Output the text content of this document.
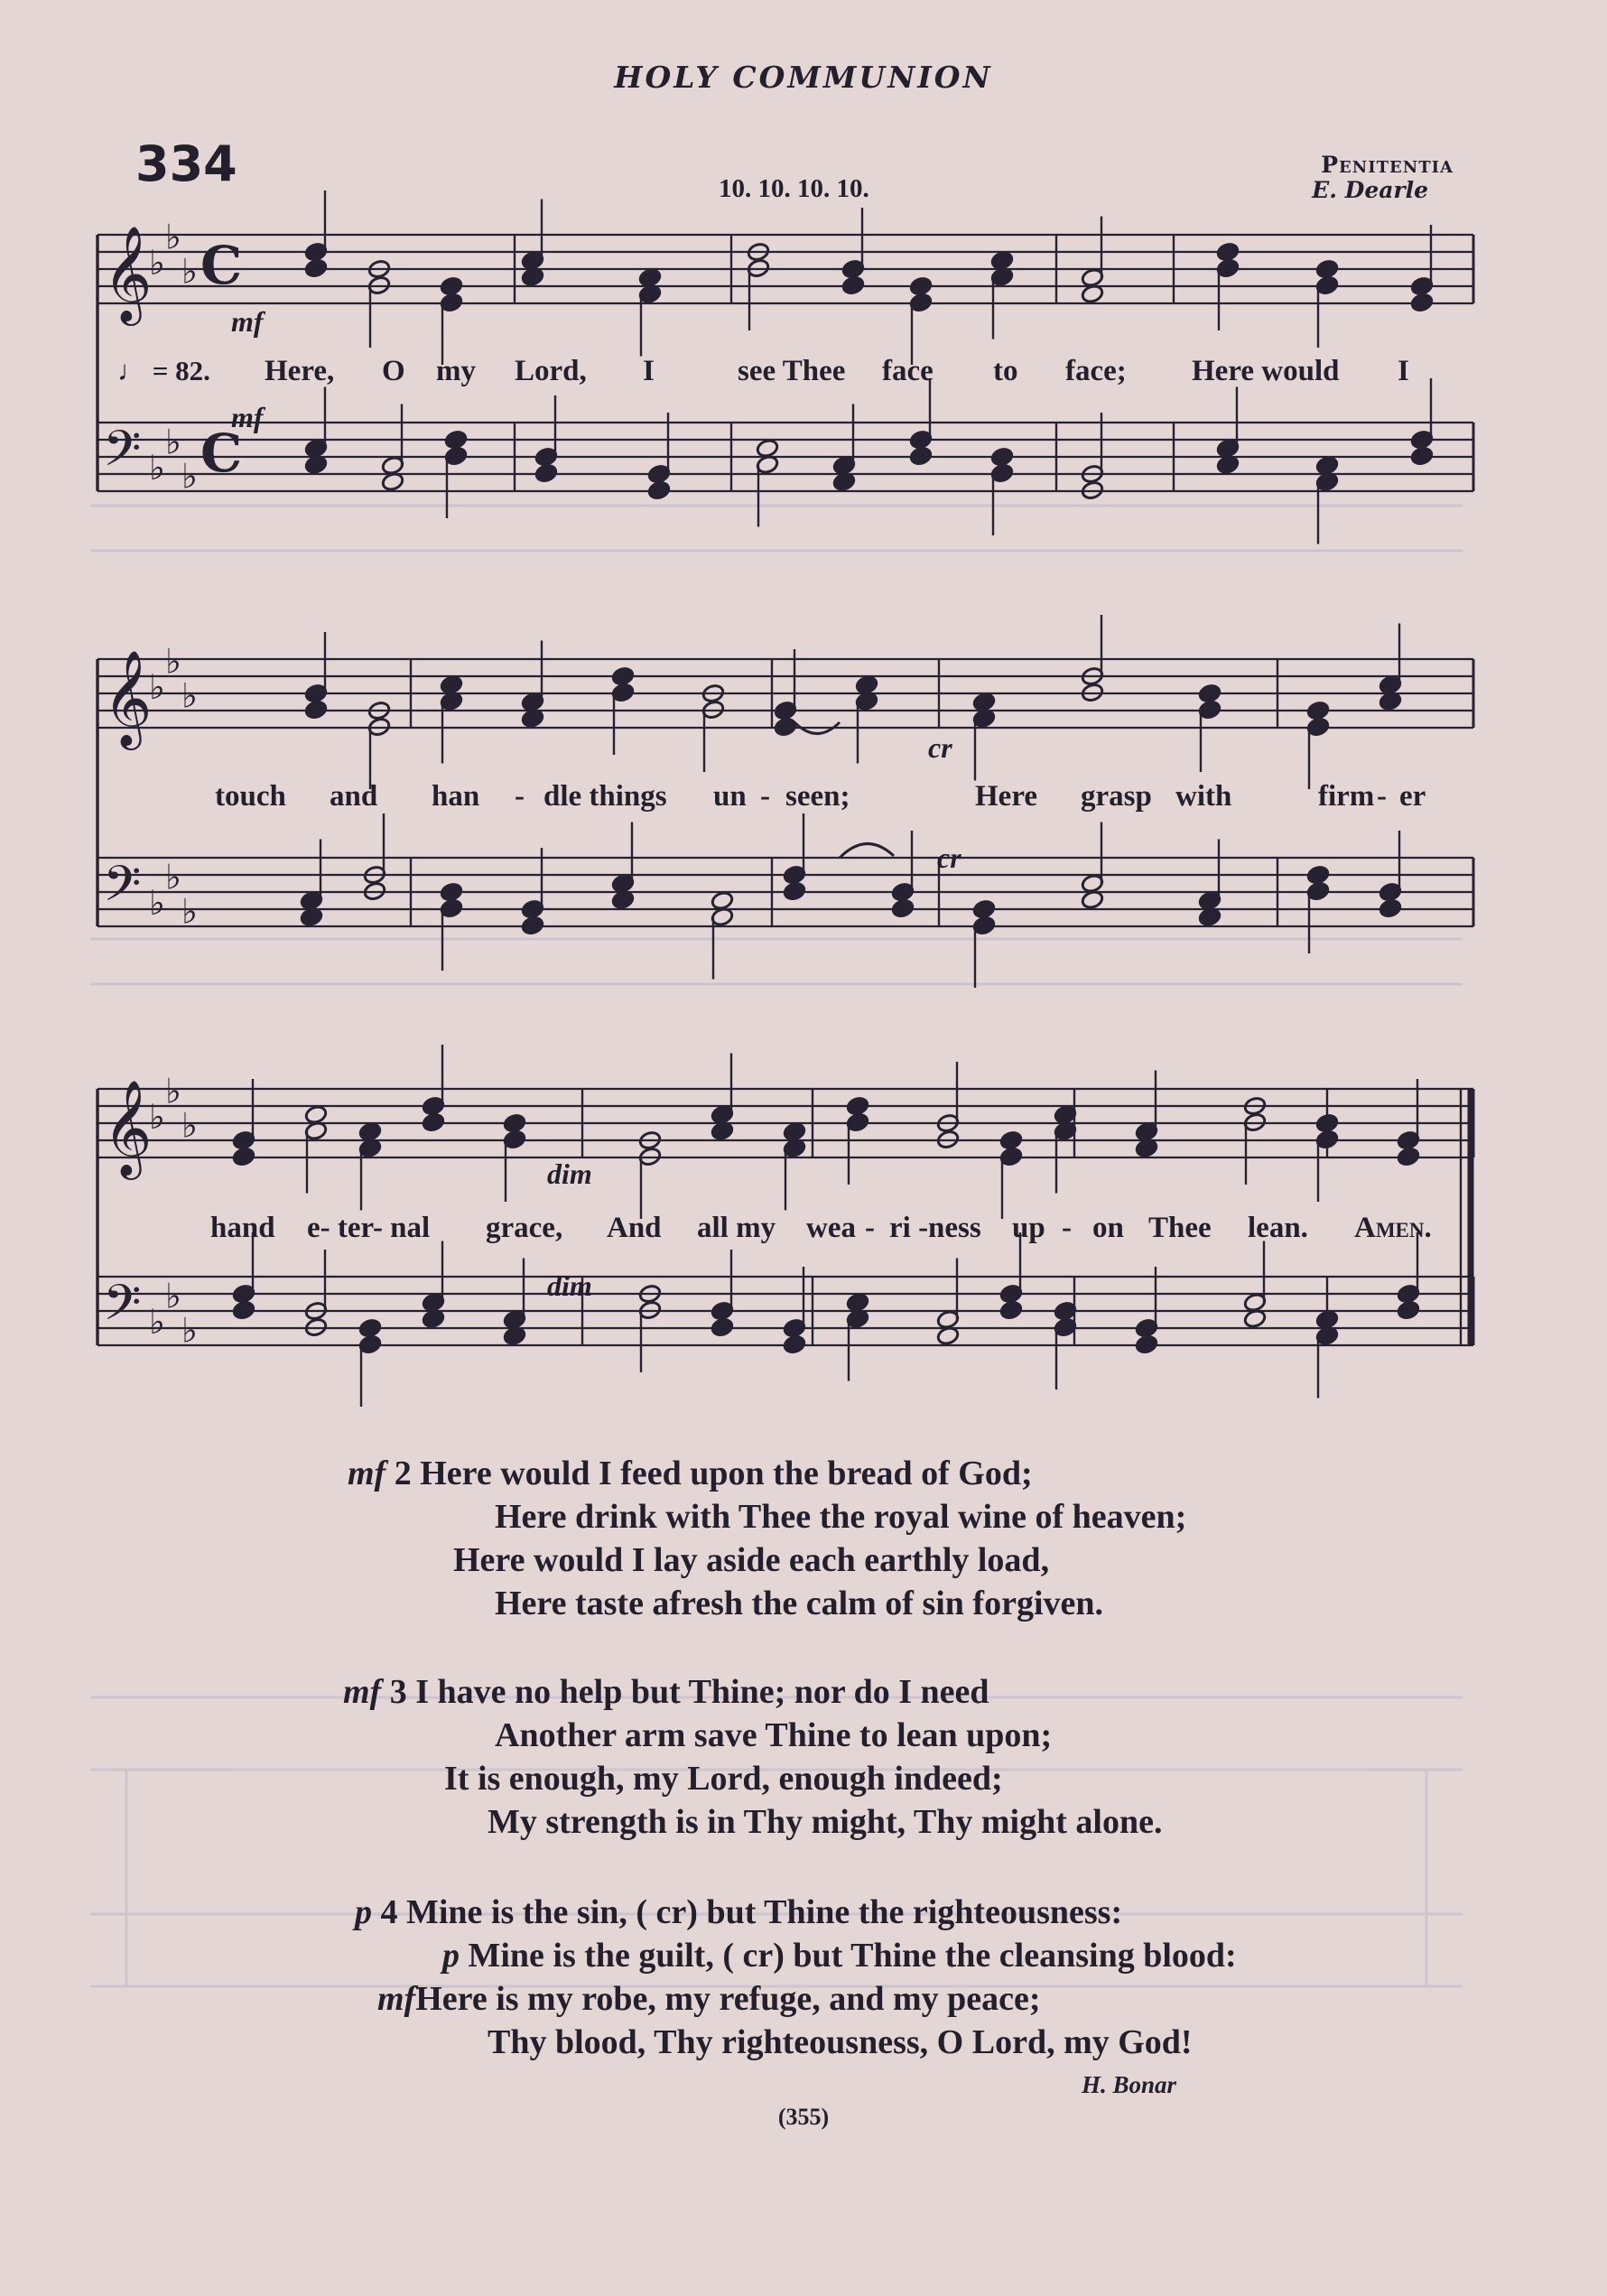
HOLY COMMUNION
334	10. 10. 10. 10.
Penitentia
E. Dearle
𝄞
♭
♭
♭ C
𝄢 ♭
♭
♭ C
𝄞
♭
♭
♭
𝄢 ♭
♭
♭
𝄞
♭
♭
♭
𝄢 ♭
♭
♭
mf
mf
♩ = 82.
cr
cr
dim
dim
Here, O my Lord, I	see Thee face to face; Here would I
touch and han - dle things un - seen;	Here grasp with	firm - er
hand e- ter- nal grace, And all my wea - ri -ness up - on Thee lean. Amen.
mf 2 Here would I feed upon the bread of God;
Here drink with Thee the royal wine of heaven;
Here would I lay aside each earthly load,
Here taste afresh the calm of sin forgiven.
mf 3 I have no help but Thine; nor do I need
Another arm save Thine to lean upon;
It is enough, my Lord, enough indeed;
My strength is in Thy might, Thy might alone.
p 4 Mine is the sin, ( cr) but Thine the righteousness:
p Mine is the guilt, ( cr) but Thine the cleansing blood:
mfHere is my robe, my refuge, and my peace;
Thy blood, Thy righteousness, O Lord, my God!
H. Bonar
(355)
